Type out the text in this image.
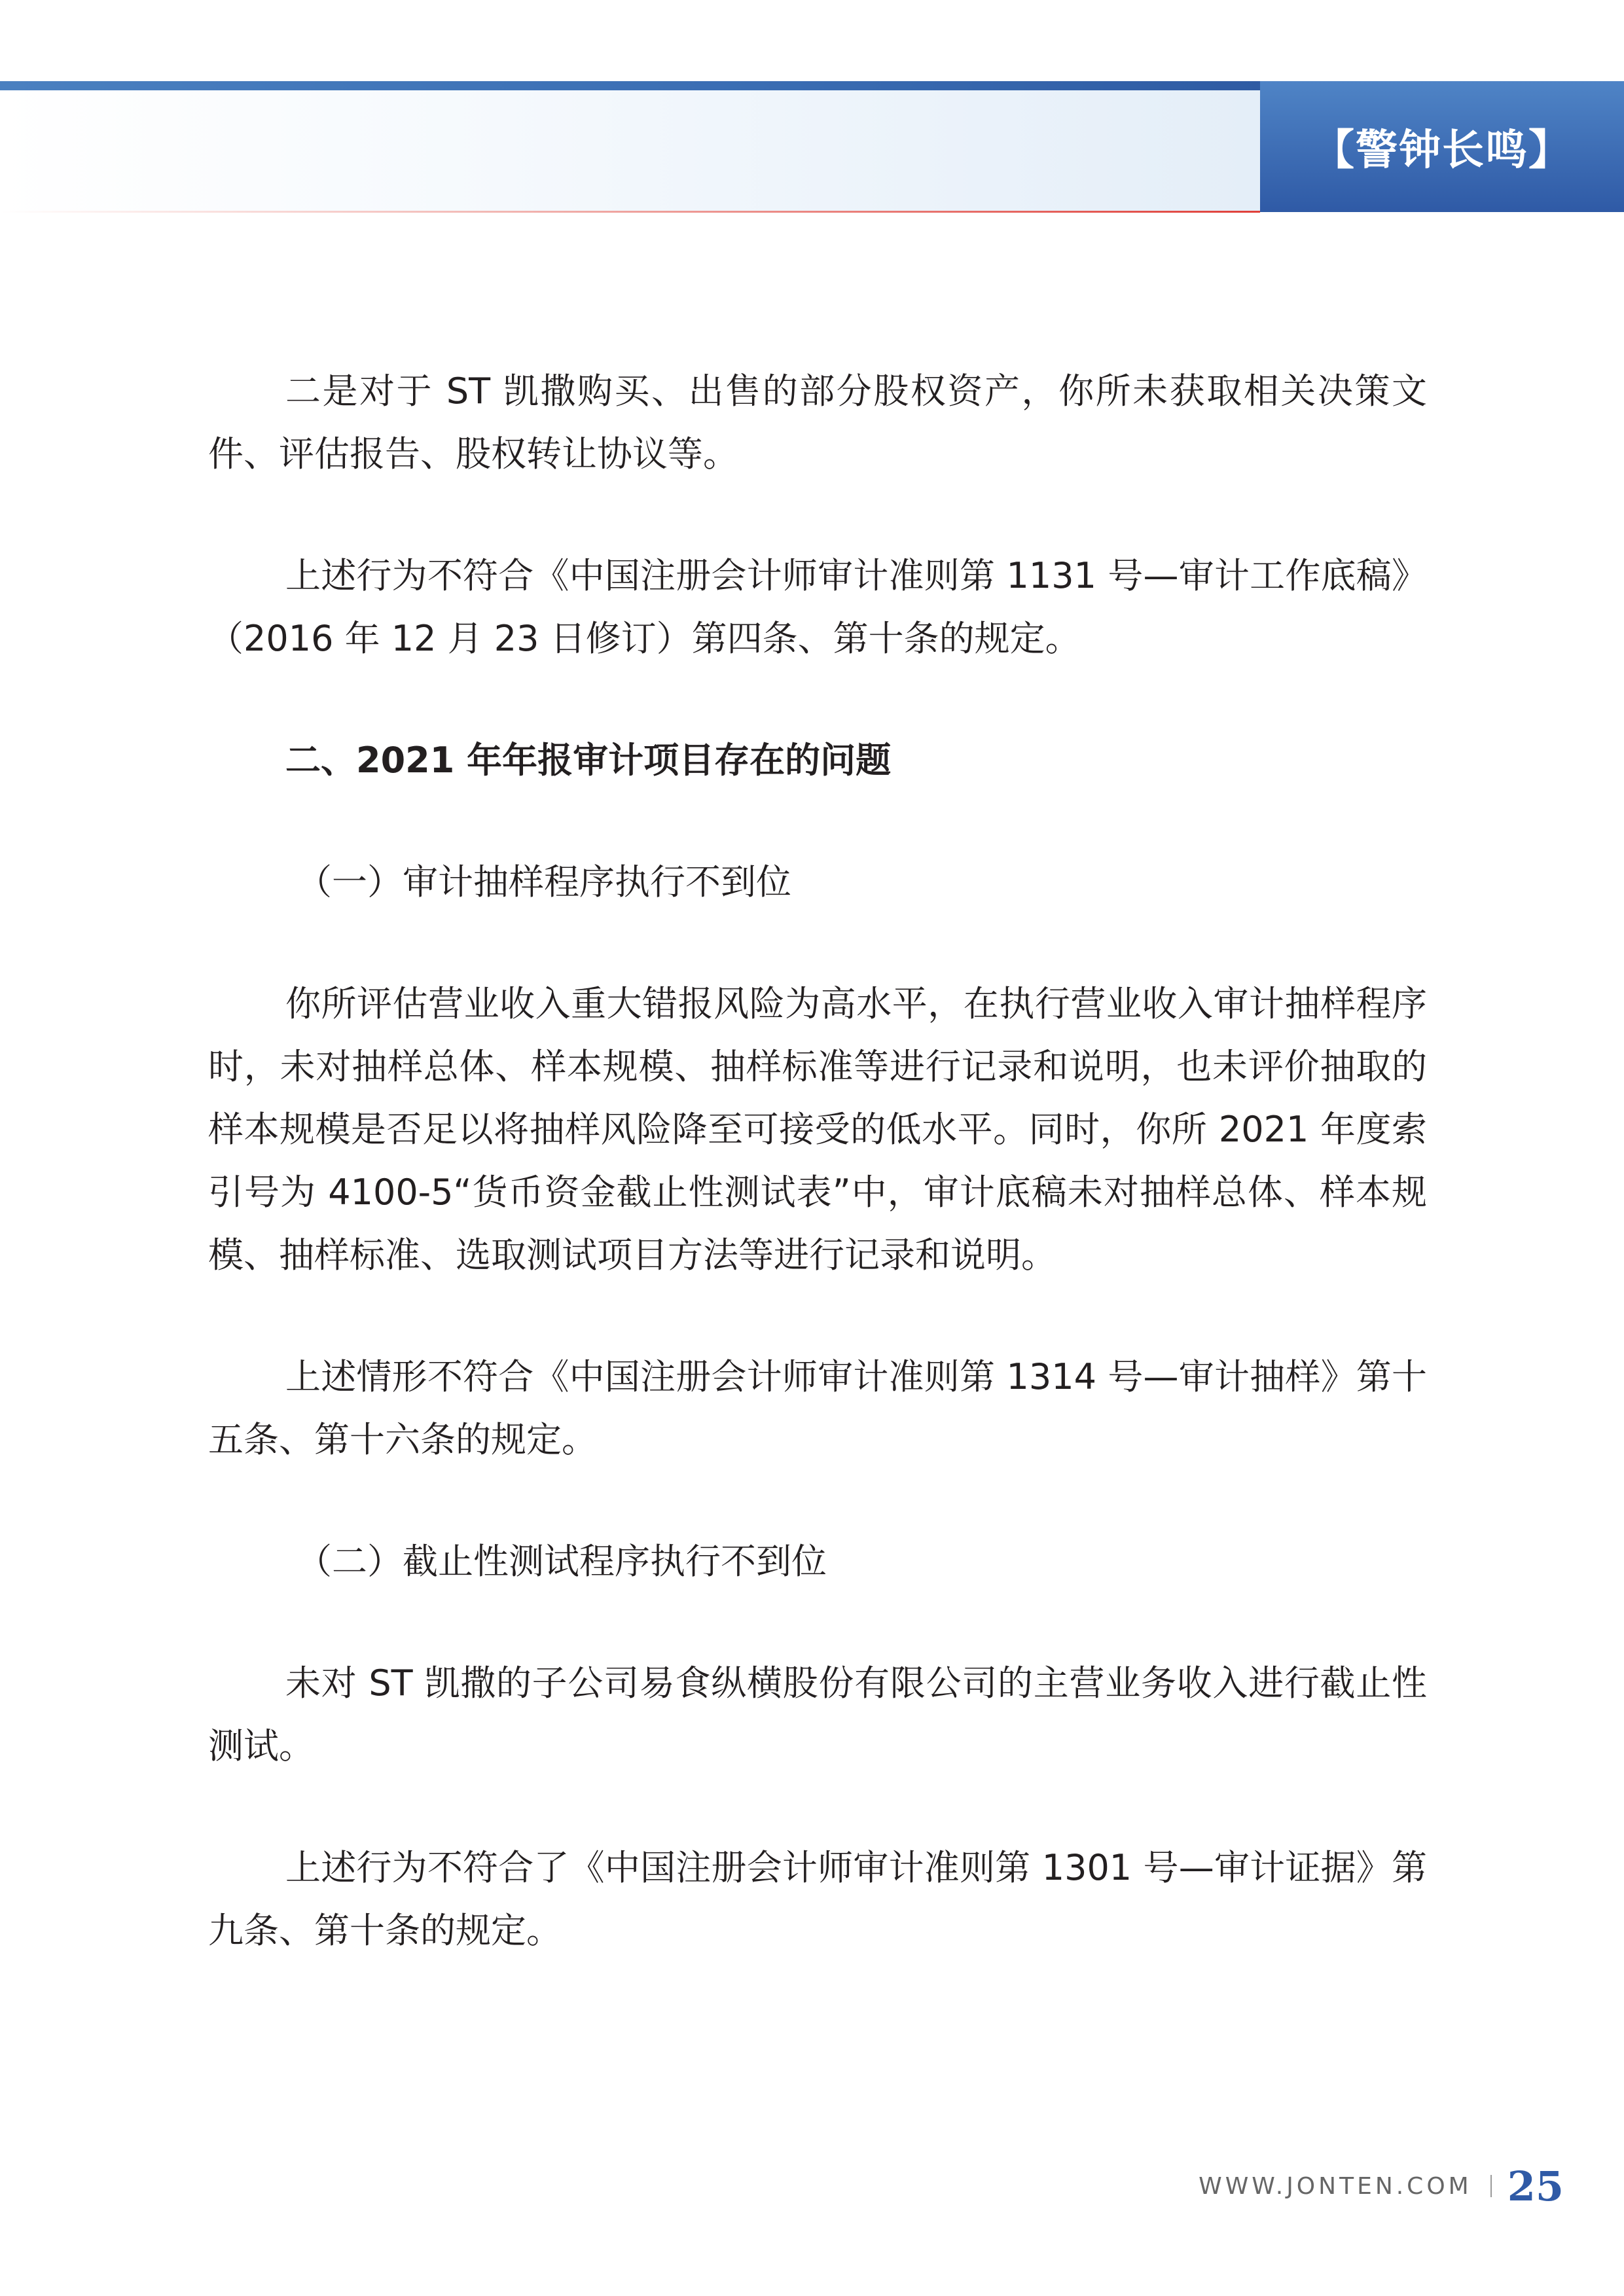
【警钟长鸣】

二是对于 ST 凯撒购买、出售的部分股权资产，你所未获取相关决策文件、评估报告、股权转让协议等。

上述行为不符合《中国注册会计师审计准则第 1131 号—审计工作底稿》（2016 年 12 月 23 日修订）第四条、第十条的规定。

二、2021 年年报审计项目存在的问题

（一）审计抽样程序执行不到位

你所评估营业收入重大错报风险为高水平，在执行营业收入审计抽样程序时，未对抽样总体、样本规模、抽样标准等进行记录和说明，也未评价抽取的样本规模是否足以将抽样风险降至可接受的低水平。同时，你所 2021 年度索引号为 4100-5“货币资金截止性测试表”中，审计底稿未对抽样总体、样本规模、抽样标准、选取测试项目方法等进行记录和说明。

上述情形不符合《中国注册会计师审计准则第 1314 号—审计抽样》第十五条、第十六条的规定。

（二）截止性测试程序执行不到位

未对 ST 凯撒的子公司易食纵横股份有限公司的主营业务收入进行截止性测试。

上述行为不符合了《中国注册会计师审计准则第 1301 号—审计证据》第九条、第十条的规定。

WWW.JONTEN.COM 25
